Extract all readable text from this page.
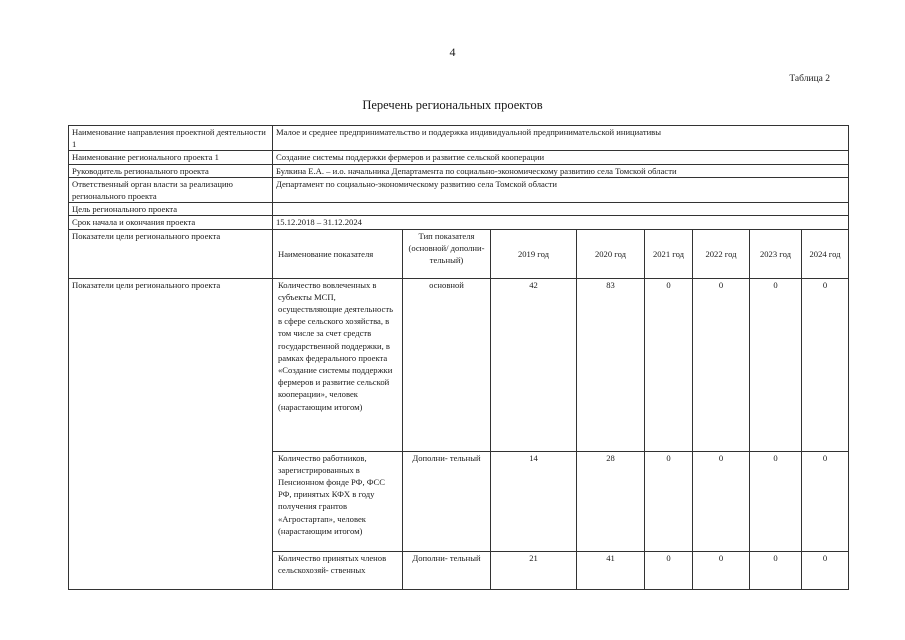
4
Таблица 2
Перечень региональных проектов
Наименование направления проектной деятельности 1	Малое и среднее предпринимательство и поддержка индивидуальной предпринимательской инициативы							
Наименование регионального проекта 1	Создание системы поддержки фермеров и развитие сельской кооперации							
Руководитель регионального проекта	Булкина Е.А. – и.о. начальника Департамента по социально-экономическому развитию села Томской области							
Ответственный орган власти за реализацию регионального проекта	Департамент по социально-экономическому развитию села Томской области							
Цель регионального проекта								
Срок начала и окончания проекта	15.12.2018 – 31.12.2024							
Показатели цели регионального проекта	Наименование показателя	Тип показателя (основной/ дополни- тельный)	2019 год	2020 год	2021 год	2022 год	2023 год	2024 год
Показатели цели регионального проекта	Количество вовлеченных в субъекты МСП, осуществляющие деятельность в сфере сельского хозяйства, в том числе за счет средств государственной поддержки, в рамках федерального проекта «Создание системы поддержки фермеров и развитие сельской кооперации», человек (нарастающим итогом)	основной	42	83	0	0	0	0
	Количество работников, зарегистрированных в Пенсионном фонде РФ, ФСС РФ, принятых КФХ в году получения грантов «Агростартап», человек (нарастающим итогом)	Дополни- тельный	14	28	0	0	0	0
	Количество принятых членов сельскохозяй- ственных	Дополни- тельный	21	41	0	0	0	0
